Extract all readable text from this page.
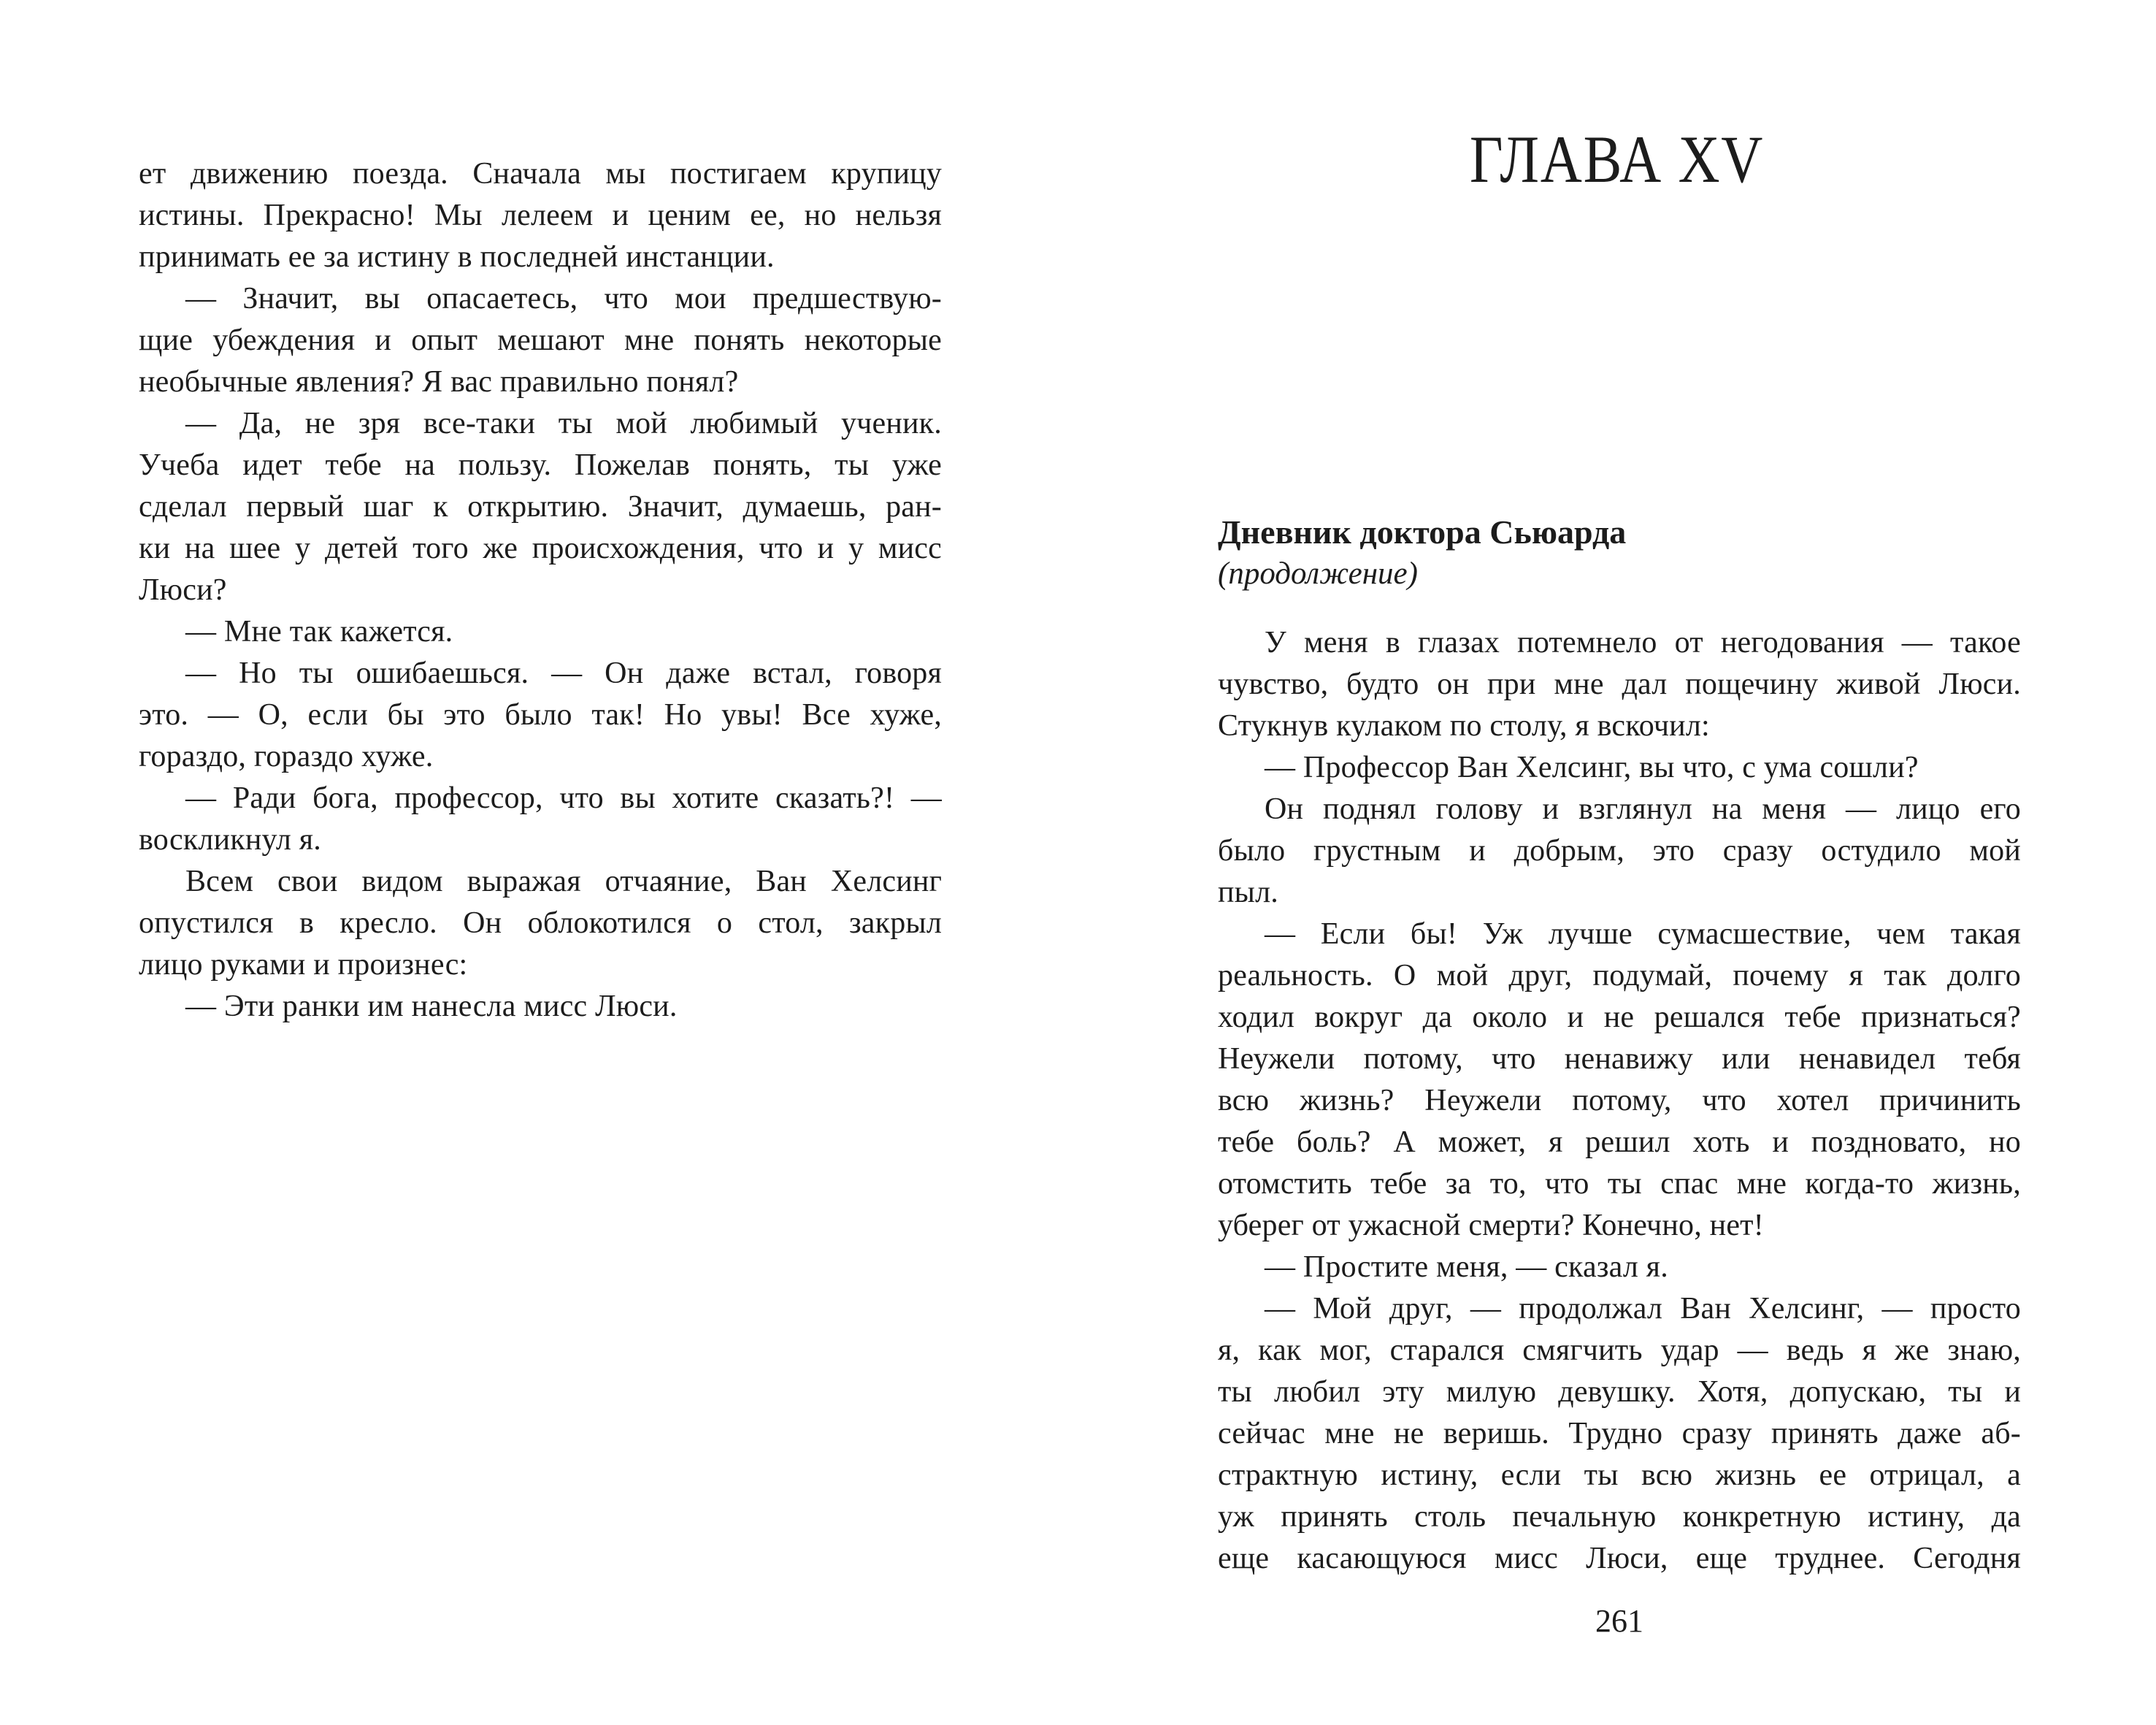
ет движению поезда. Сначала мы постигаем крупицу
истины. Прекрасно! Мы лелеем и ценим ее, но нельзя
принимать ее за истину в последней инстанции.
— Значит, вы опасаетесь, что мои предшествую-
щие убеждения и опыт мешают мне понять некоторые
необычные явления? Я вас правильно понял?
— Да, не зря все-таки ты мой любимый ученик.
Учеба идет тебе на пользу. Пожелав понять, ты уже
сделал первый шаг к открытию. Значит, думаешь, ран-
ки на шее у детей того же происхождения, что и у мисс
Люси?
— Мне так кажется.
— Но ты ошибаешься. — Он даже встал, говоря
это. — О, если бы это было так! Но увы! Все хуже,
гораздо, гораздо хуже.
— Ради бога, профессор, что вы хотите сказать?! —
воскликнул я.
Всем свои видом выражая отчаяние, Ван Хелсинг
опустился в кресло. Он облокотился о стол, закрыл
лицо руками и произнес:
— Эти ранки им нанесла мисс Люси.
ГЛАВА XV
Дневник доктора Сьюарда
(продолжение)
У меня в глазах потемнело от негодования — такое
чувство, будто он при мне дал пощечину живой Люси.
Стукнув кулаком по столу, я вскочил:
— Профессор Ван Хелсинг, вы что, с ума сошли?
Он поднял голову и взглянул на меня — лицо его
было грустным и добрым, это сразу остудило мой
пыл.
— Если бы! Уж лучше сумасшествие, чем такая
реальность. О мой друг, подумай, почему я так долго
ходил вокруг да около и не решался тебе признаться?
Неужели потому, что ненавижу или ненавидел тебя
всю жизнь? Неужели потому, что хотел причинить
тебе боль? А может, я решил хоть и поздновато, но
отомстить тебе за то, что ты спас мне когда-то жизнь,
уберег от ужасной смерти? Конечно, нет!
— Простите меня, — сказал я.
— Мой друг, — продолжал Ван Хелсинг, — просто
я, как мог, старался смягчить удар — ведь я же знаю,
ты любил эту милую девушку. Хотя, допускаю, ты и
сейчас мне не веришь. Трудно сразу принять даже аб-
страктную истину, если ты всю жизнь ее отрицал, а
уж принять столь печальную конкретную истину, да
еще касающуюся мисс Люси, еще труднее. Сегодня
261
